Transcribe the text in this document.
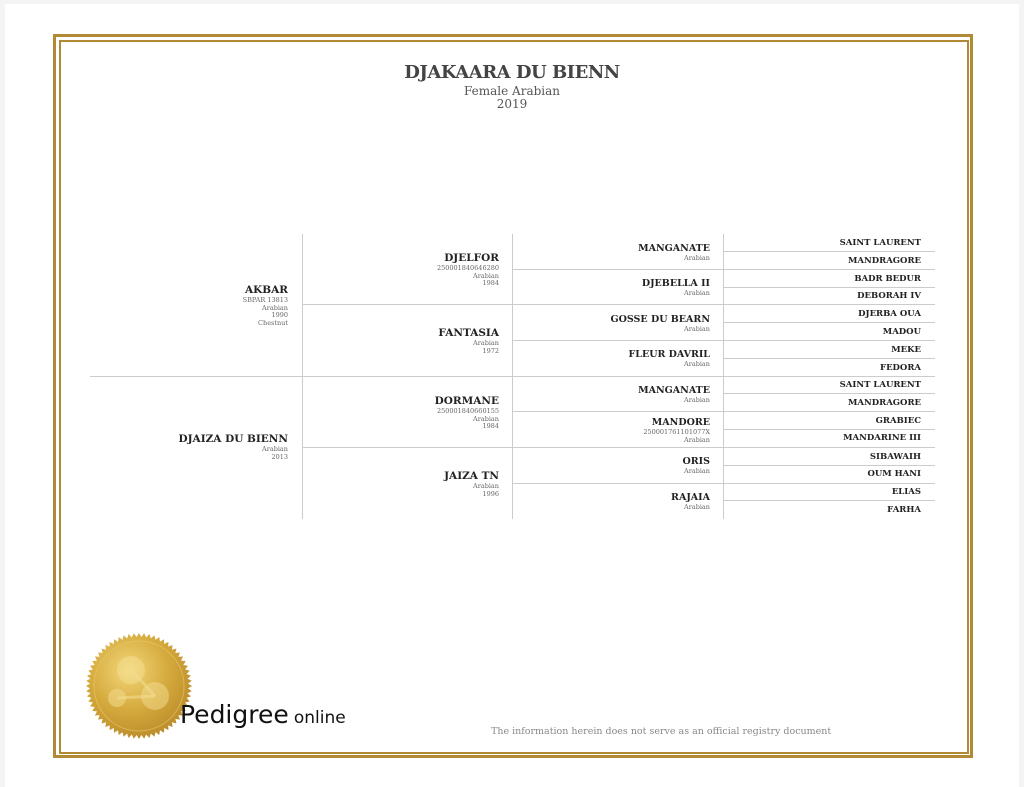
DJAKAARA DU BIENN
Female Arabian
2019
AKBAR
SBPAR 13813
Arabian
1990
Chestnut
DJAIZA DU BIENN
Arabian
2013
DJELFOR
250001840646280
Arabian
1984
FANTASIA
Arabian
1972
DORMANE
250001840660155
Arabian
1984
JAIZA TN
Arabian
1996
MANGANATE
Arabian
DJEBELLA II
Arabian
GOSSE DU BEARN
Arabian
FLEUR DAVRIL
Arabian
MANGANATE
Arabian
MANDORE
250001761101077X
Arabian
ORIS
Arabian
RAJAIA
Arabian
SAINT LAURENT
MANDRAGORE
BADR BEDUR
DEBORAH IV
DJERBA OUA
MADOU
MEKE
FEDORA
SAINT LAURENT
MANDRAGORE
GRABIEC
MANDARINE III
SIBAWAIH
OUM HANI
ELIAS
FARHA
Pedigree online
The information herein does not serve as an official registry document
